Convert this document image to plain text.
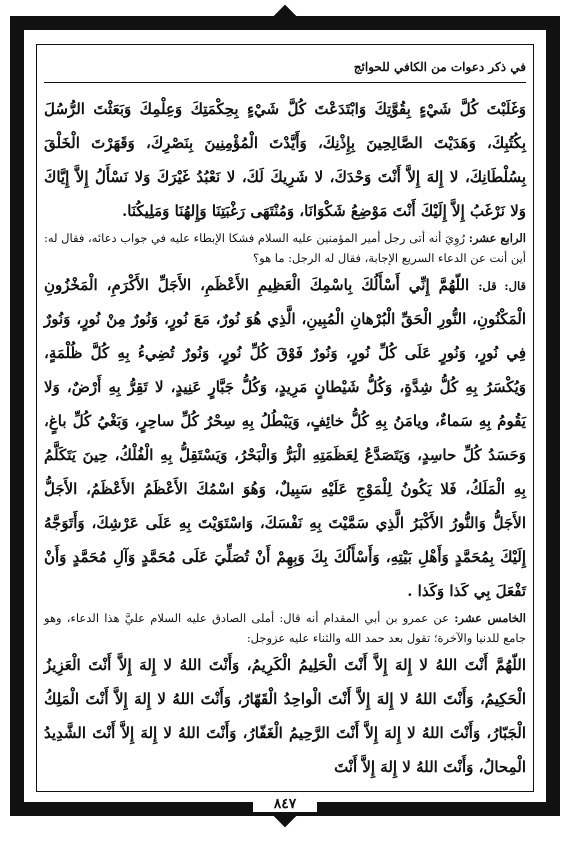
في ذكر دعوات من الكافي للحوائج

وَغَلَبْتَ كُلَّ شَيْءٍ بِقُوَّتِكَ وَابْتَدَعْتَ كُلَّ شَيْءٍ بِحِكْمَتِكَ وَعِلْمِكَ وَبَعَثْتَ الرُّسُلَ بِكُتُبِكَ، وَهَدَيْتَ الصَّالِحِينَ بِإِذْنِكَ، وَأَيَّدْتَ الْمُؤْمِنِينَ بِنَصْرِكَ، وَقَهَرْتَ الْخَلْقَ بِسُلْطَانِكَ، لا إِلهَ إِلاَّ أَنْتَ وَحْدَكَ، لا شَرِيكَ لَكَ، لا نَعْبُدُ غَيْرَكَ وَلا نَسْأَلُ إِلاَّ إِيَّاكَ وَلا نَرْغَبُ إِلاَّ إِلَيْكَ أَنْتَ مَوْضِعُ شَكْوَانَا، وَمُنْتَهَى رَغْبَتِنَا وَإِلهُنَا وَمَلِيكُنَا.

الرابع عشر: رُوِيَ أنه أتى رجل أمير المؤمنين عليه السلام فشكا الإبطاء عليه في جواب دعائه، فقال له: أين أنت عن الدعاء السريع الإجابة، فقال له الرجل: ما هو؟

قال: قل: اللّهُمَّ إِنِّي أَسْأَلُكَ بِاسْمِكَ الْعَظِيمِ الأَعْظَمِ، الأَجَلِّ الأَكْرَمِ، الْمَخْزُونِ الْمَكْنُونِ، النُّورِ الْحَقِّ الْبُرْهانِ الْمُبِينِ، الَّذِي هُوَ نُورٌ، مَعَ نُورٍ، وَنُورٌ مِنْ نُورٍ، وَنُورٌ فِي نُورٍ، وَنُورٍ عَلَى كُلِّ نُورٍ، وَنُورٌ فَوْقَ كُلِّ نُورٍ، وَنُورٌ تُضِيءُ بِهِ كُلَّ ظُلْمَةٍ، وَيُكْسَرُ بِهِ كُلُّ شِدَّةٍ، وَكُلُّ شَيْطانٍ مَرِيدٍ، وَكُلُّ جَبَّارٍ عَنِيدٍ، لا تَقِرُّ بِهِ أَرْضٌ، وَلا يَقُومُ بِهِ سَماءٌ، ويامَنُ بِهِ كُلُّ خائِفٍ، وَيَبْطُلُ بِهِ سِحْرُ كُلِّ ساحِرٍ، وَبَغْيُ كُلِّ باغٍ، وَحَسَدُ كُلِّ حاسِدٍ، وَيَتَصَدَّعُ لِعَظَمَتِهِ الْبَرُّ وَالْبَحْرُ، وَيَسْتَقِلُّ بِهِ الْفُلْكُ، حِينَ يَتَكَلَّمُ بِهِ الْمَلَكُ، فَلا يَكُونُ لِلْمَوْجِ عَلَيْهِ سَبِيلٌ، وَهُوَ اسْمُكَ الأَعْظَمُ الأَعْظَمُ، الأَجَلُّ الأَجَلُّ وَالنُّورُ الأَكْبَرُ الَّذِي سَمَّيْتَ بِهِ نَفْسَكَ، وَاسْتَوَيْتَ بِهِ عَلَى عَرْشِكَ، وَأَتَوَجَّهُ إِلَيْكَ بِمُحَمَّدٍ وَأَهْلِ بَيْتِهِ، وَأَسْأَلُكَ بِكَ وَبِهِمْ أَنْ تُصَلِّيَ عَلَى مُحَمَّدٍ وَآلِ مُحَمَّدٍ وَأَنْ تَفْعَلَ بِي كَذا وَكَذا .

الخامس عشر: عن عمرو بن أبي المقدام أنه قال: أملى الصادق عليه السلام عليَّ هذا الدعاء، وهو جامع للدنيا والآخرة؛ تقول بعد حمد الله والثناء عليه عزوجل:

اللّهُمَّ أَنْتَ اللهُ لا إِلهَ إِلاَّ أَنْتَ الْحَلِيمُ الْكَرِيمُ، وَأَنْتَ اللهُ لا إِلهَ إِلاَّ أَنْتَ الْعَزِيزُ الْحَكِيمُ، وَأَنْتَ اللهُ لا إِلهَ إِلاَّ أَنْتَ الْواحِدُ الْقَهّارُ، وَأَنْتَ اللهُ لا إِلهَ إِلاَّ أَنْتَ الْمَلِكُ الْجَبّارُ، وَأَنْتَ اللهُ لا إِلهَ إِلاَّ أَنْتَ الرَّحِيمُ الْغَفّارُ، وَأَنْتَ اللهُ لا إِلهَ إِلاَّ أَنْتَ الشَّدِيدُ الْمِحالُ، وَأَنْتَ اللهُ لا إِلهَ إِلاَّ أَنْتَ

٨٤٧
